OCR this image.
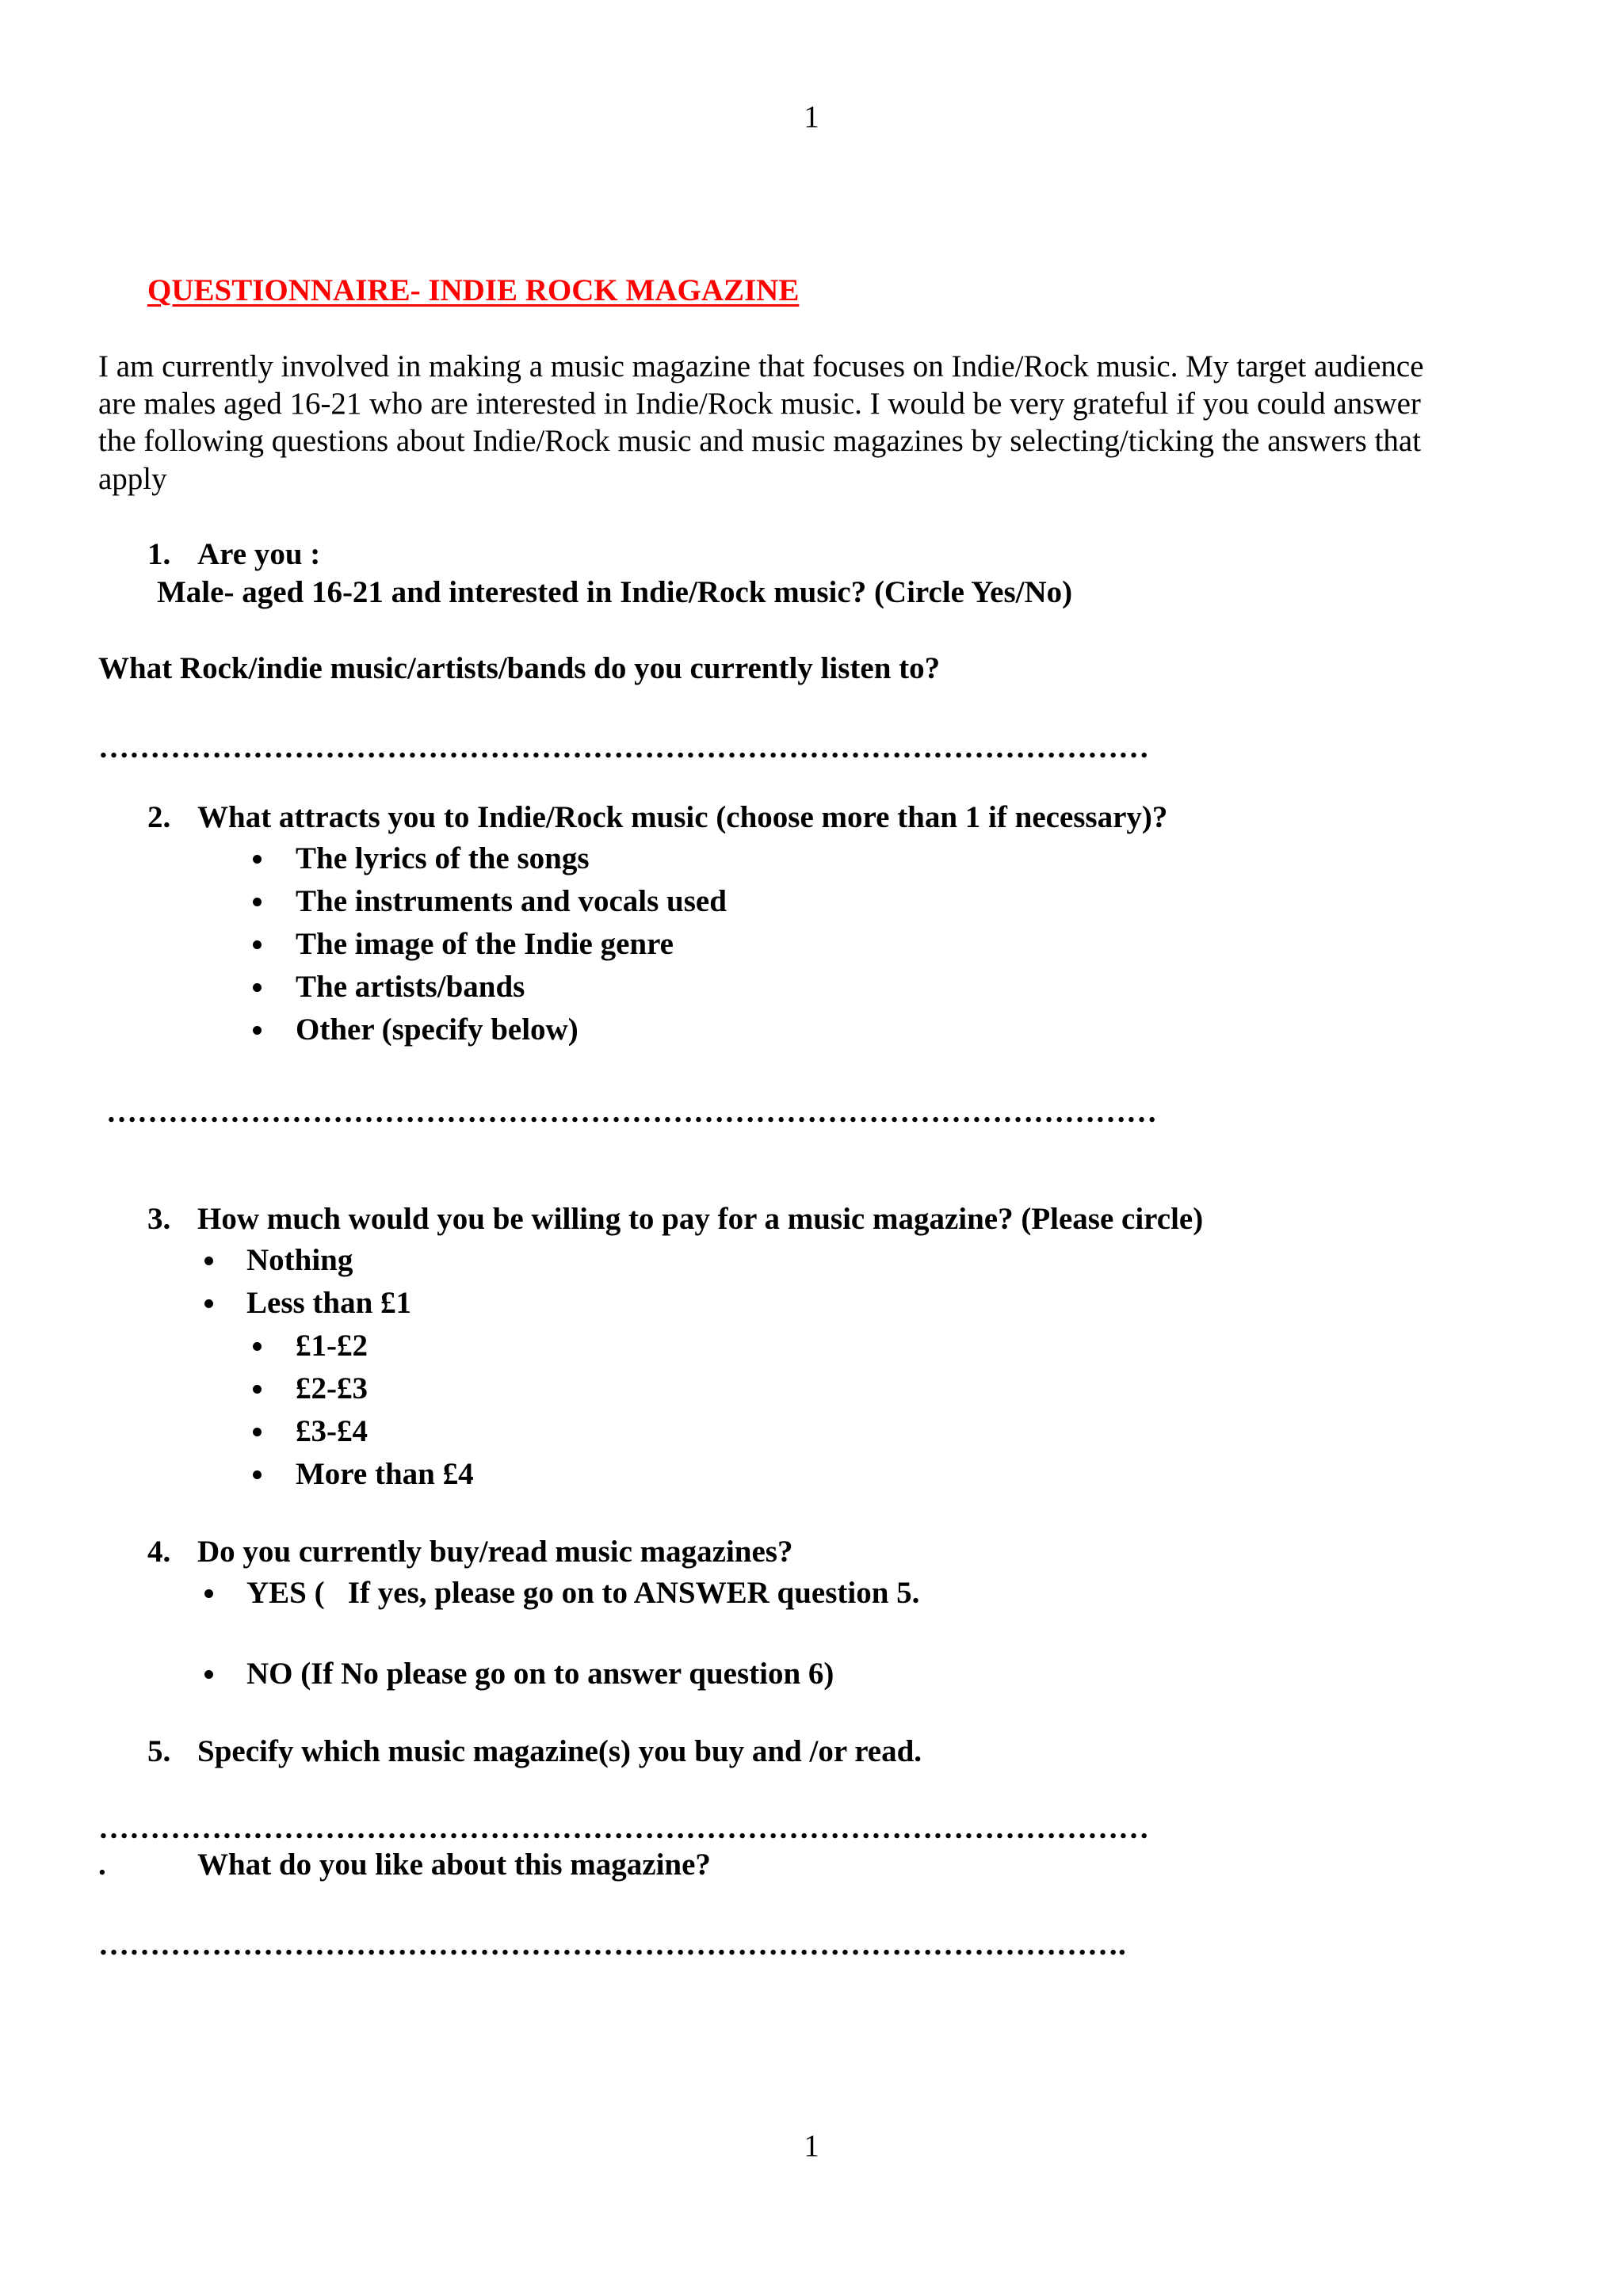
1
QUESTIONNAIRE- INDIE ROCK MAGAZINE
I am currently involved in making a music magazine that focuses on Indie/Rock music. My target audience
are males aged 16-21 who are interested in Indie/Rock music. I would be very grateful if you could answer
the following questions about Indie/Rock music and music magazines by selecting/ticking the answers that
apply
1. Are you :
Male- aged 16-21 and interested in Indie/Rock music? (Circle Yes/No)
What Rock/indie music/artists/bands do you currently listen to?
…………………………………………………………………………………………
2. What attracts you to Indie/Rock music (choose more than 1 if necessary)?
The lyrics of the songs
The instruments and vocals used
The image of the Indie genre
The artists/bands
Other (specify below)
…………………………………………………………………………………………
3. How much would you be willing to pay for a music magazine? (Please circle)
Nothing
Less than £1
£1-£2
£2-£3
£3-£4
More than £4
4. Do you currently buy/read music magazines?
YES (   If yes, please go on to ANSWER question 5.
NO (If No please go on to answer question 6)
5. Specify which music magazine(s) you buy and /or read.
…………………………………………………………………………………………
.	What do you like about this magazine?
……………………………………………………………………………………….
1
